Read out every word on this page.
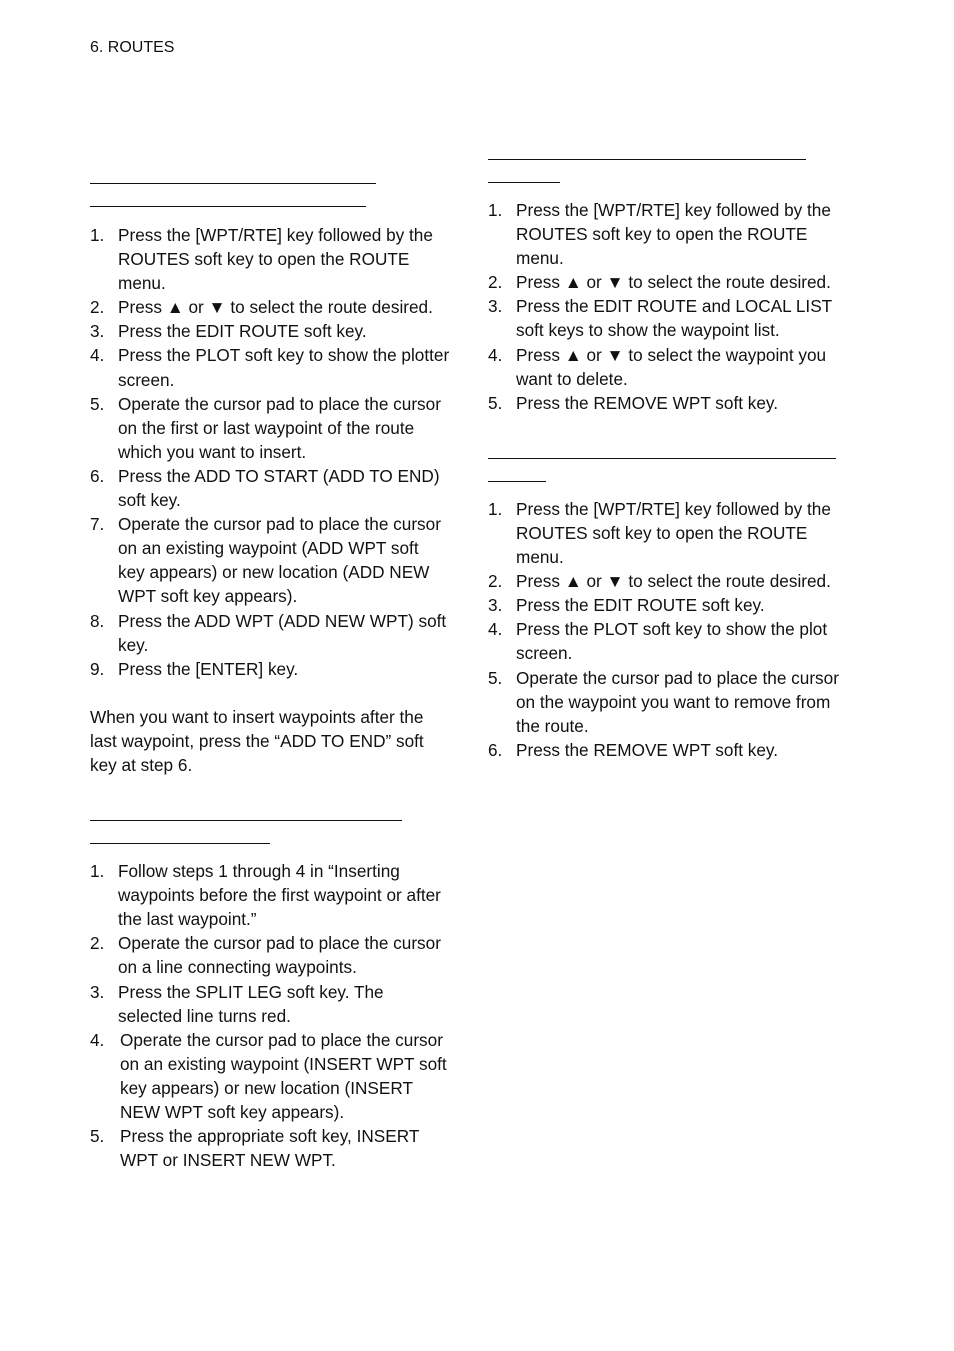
6. ROUTES
1. Press the [WPT/RTE] key followed by the ROUTES soft key to open the ROUTE menu.
2. Press ▲ or ▼ to select the route desired.
3. Press the EDIT ROUTE soft key.
4. Press the PLOT soft key to show the plotter screen.
5. Operate the cursor pad to place the cursor on the first or last waypoint of the route which you want to insert.
6. Press the ADD TO START (ADD TO END) soft key.
7. Operate the cursor pad to place the cursor on an existing waypoint (ADD WPT soft key appears) or new location (ADD NEW WPT soft key appears).
8. Press the ADD WPT (ADD NEW WPT) soft key.
9. Press the [ENTER] key.

When you want to insert waypoints after the last waypoint, press the “ADD TO END” soft key at step 6.

1. Follow steps 1 through 4 in “Inserting waypoints before the first waypoint or after the last waypoint.”
2. Operate the cursor pad to place the cursor on a line connecting waypoints.
3. Press the SPLIT LEG soft key. The selected line turns red.
4. Operate the cursor pad to place the cursor on an existing waypoint (INSERT WPT soft key appears) or new location (INSERT NEW WPT soft key appears).
5. Press the appropriate soft key, INSERT WPT or INSERT NEW WPT.
1. Press the [WPT/RTE] key followed by the ROUTES soft key to open the ROUTE menu.
2. Press ▲ or ▼ to select the route desired.
3. Press the EDIT ROUTE and LOCAL LIST soft keys to show the waypoint list.
4. Press ▲ or ▼ to select the waypoint you want to delete.
5. Press the REMOVE WPT soft key.
1. Press the [WPT/RTE] key followed by the ROUTES soft key to open the ROUTE menu.
2. Press ▲ or ▼ to select the route desired.
3. Press the EDIT ROUTE soft key.
4. Press the PLOT soft key to show the plot screen.
5. Operate the cursor pad to place the cursor on the waypoint you want to remove from the route.
6. Press the REMOVE WPT soft key.
